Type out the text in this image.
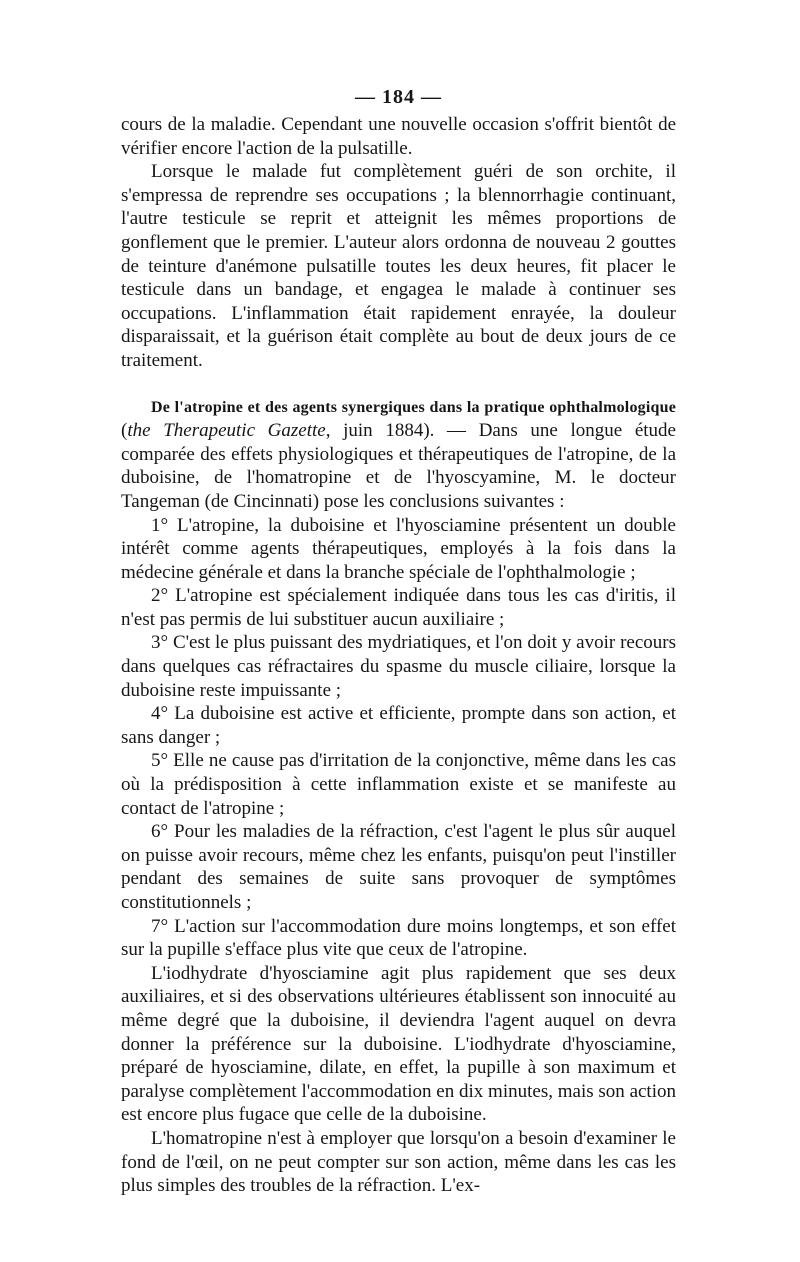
— 184 —

cours de la maladie. Cependant une nouvelle occasion s'offrit bientôt de vérifier encore l'action de la pulsatille.

Lorsque le malade fut complètement guéri de son orchite, il s'empressa de reprendre ses occupations ; la blennorrhagie continuant, l'autre testicule se reprit et atteignit les mêmes proportions de gonflement que le premier. L'auteur alors ordonna de nouveau 2 gouttes de teinture d'anémone pulsatille toutes les deux heures, fit placer le testicule dans un bandage, et engagea le malade à continuer ses occupations. L'inflammation était rapidement enrayée, la douleur disparaissait, et la guérison était complète au bout de deux jours de ce traitement.

De l'atropine et des agents synergiques dans la pratique ophthalmologique (the Therapeutic Gazette, juin 1884). — Dans une longue étude comparée des effets physiologiques et thérapeutiques de l'atropine, de la duboisine, de l'homatropine et de l'hyoscyamine, M. le docteur Tangeman (de Cincinnati) pose les conclusions suivantes :

1° L'atropine, la duboisine et l'hyosciamine présentent un double intérêt comme agents thérapeutiques, employés à la fois dans la médecine générale et dans la branche spéciale de l'ophthalmologie ;

2° L'atropine est spécialement indiquée dans tous les cas d'iritis, il n'est pas permis de lui substituer aucun auxiliaire ;

3° C'est le plus puissant des mydriatiques, et l'on doit y avoir recours dans quelques cas réfractaires du spasme du muscle ciliaire, lorsque la duboisine reste impuissante ;

4° La duboisine est active et efficiente, prompte dans son action, et sans danger ;

5° Elle ne cause pas d'irritation de la conjonctive, même dans les cas où la prédisposition à cette inflammation existe et se manifeste au contact de l'atropine ;

6° Pour les maladies de la réfraction, c'est l'agent le plus sûr auquel on puisse avoir recours, même chez les enfants, puisqu'on peut l'instiller pendant des semaines de suite sans provoquer de symptômes constitutionnels ;

7° L'action sur l'accommodation dure moins longtemps, et son effet sur la pupille s'efface plus vite que ceux de l'atropine.

L'iodhydrate d'hyosciamine agit plus rapidement que ses deux auxiliaires, et si des observations ultérieures établissent son innocuité au même degré que la duboisine, il deviendra l'agent auquel on devra donner la préférence sur la duboisine. L'iodhydrate d'hyosciamine, préparé de hyosciamine, dilate, en effet, la pupille à son maximum et paralyse complètement l'accommodation en dix minutes, mais son action est encore plus fugace que celle de la duboisine.

L'homatropine n'est à employer que lorsqu'on a besoin d'examiner le fond de l'œil, on ne peut compter sur son action, même dans les cas les plus simples des troubles de la réfraction. L'ex-
